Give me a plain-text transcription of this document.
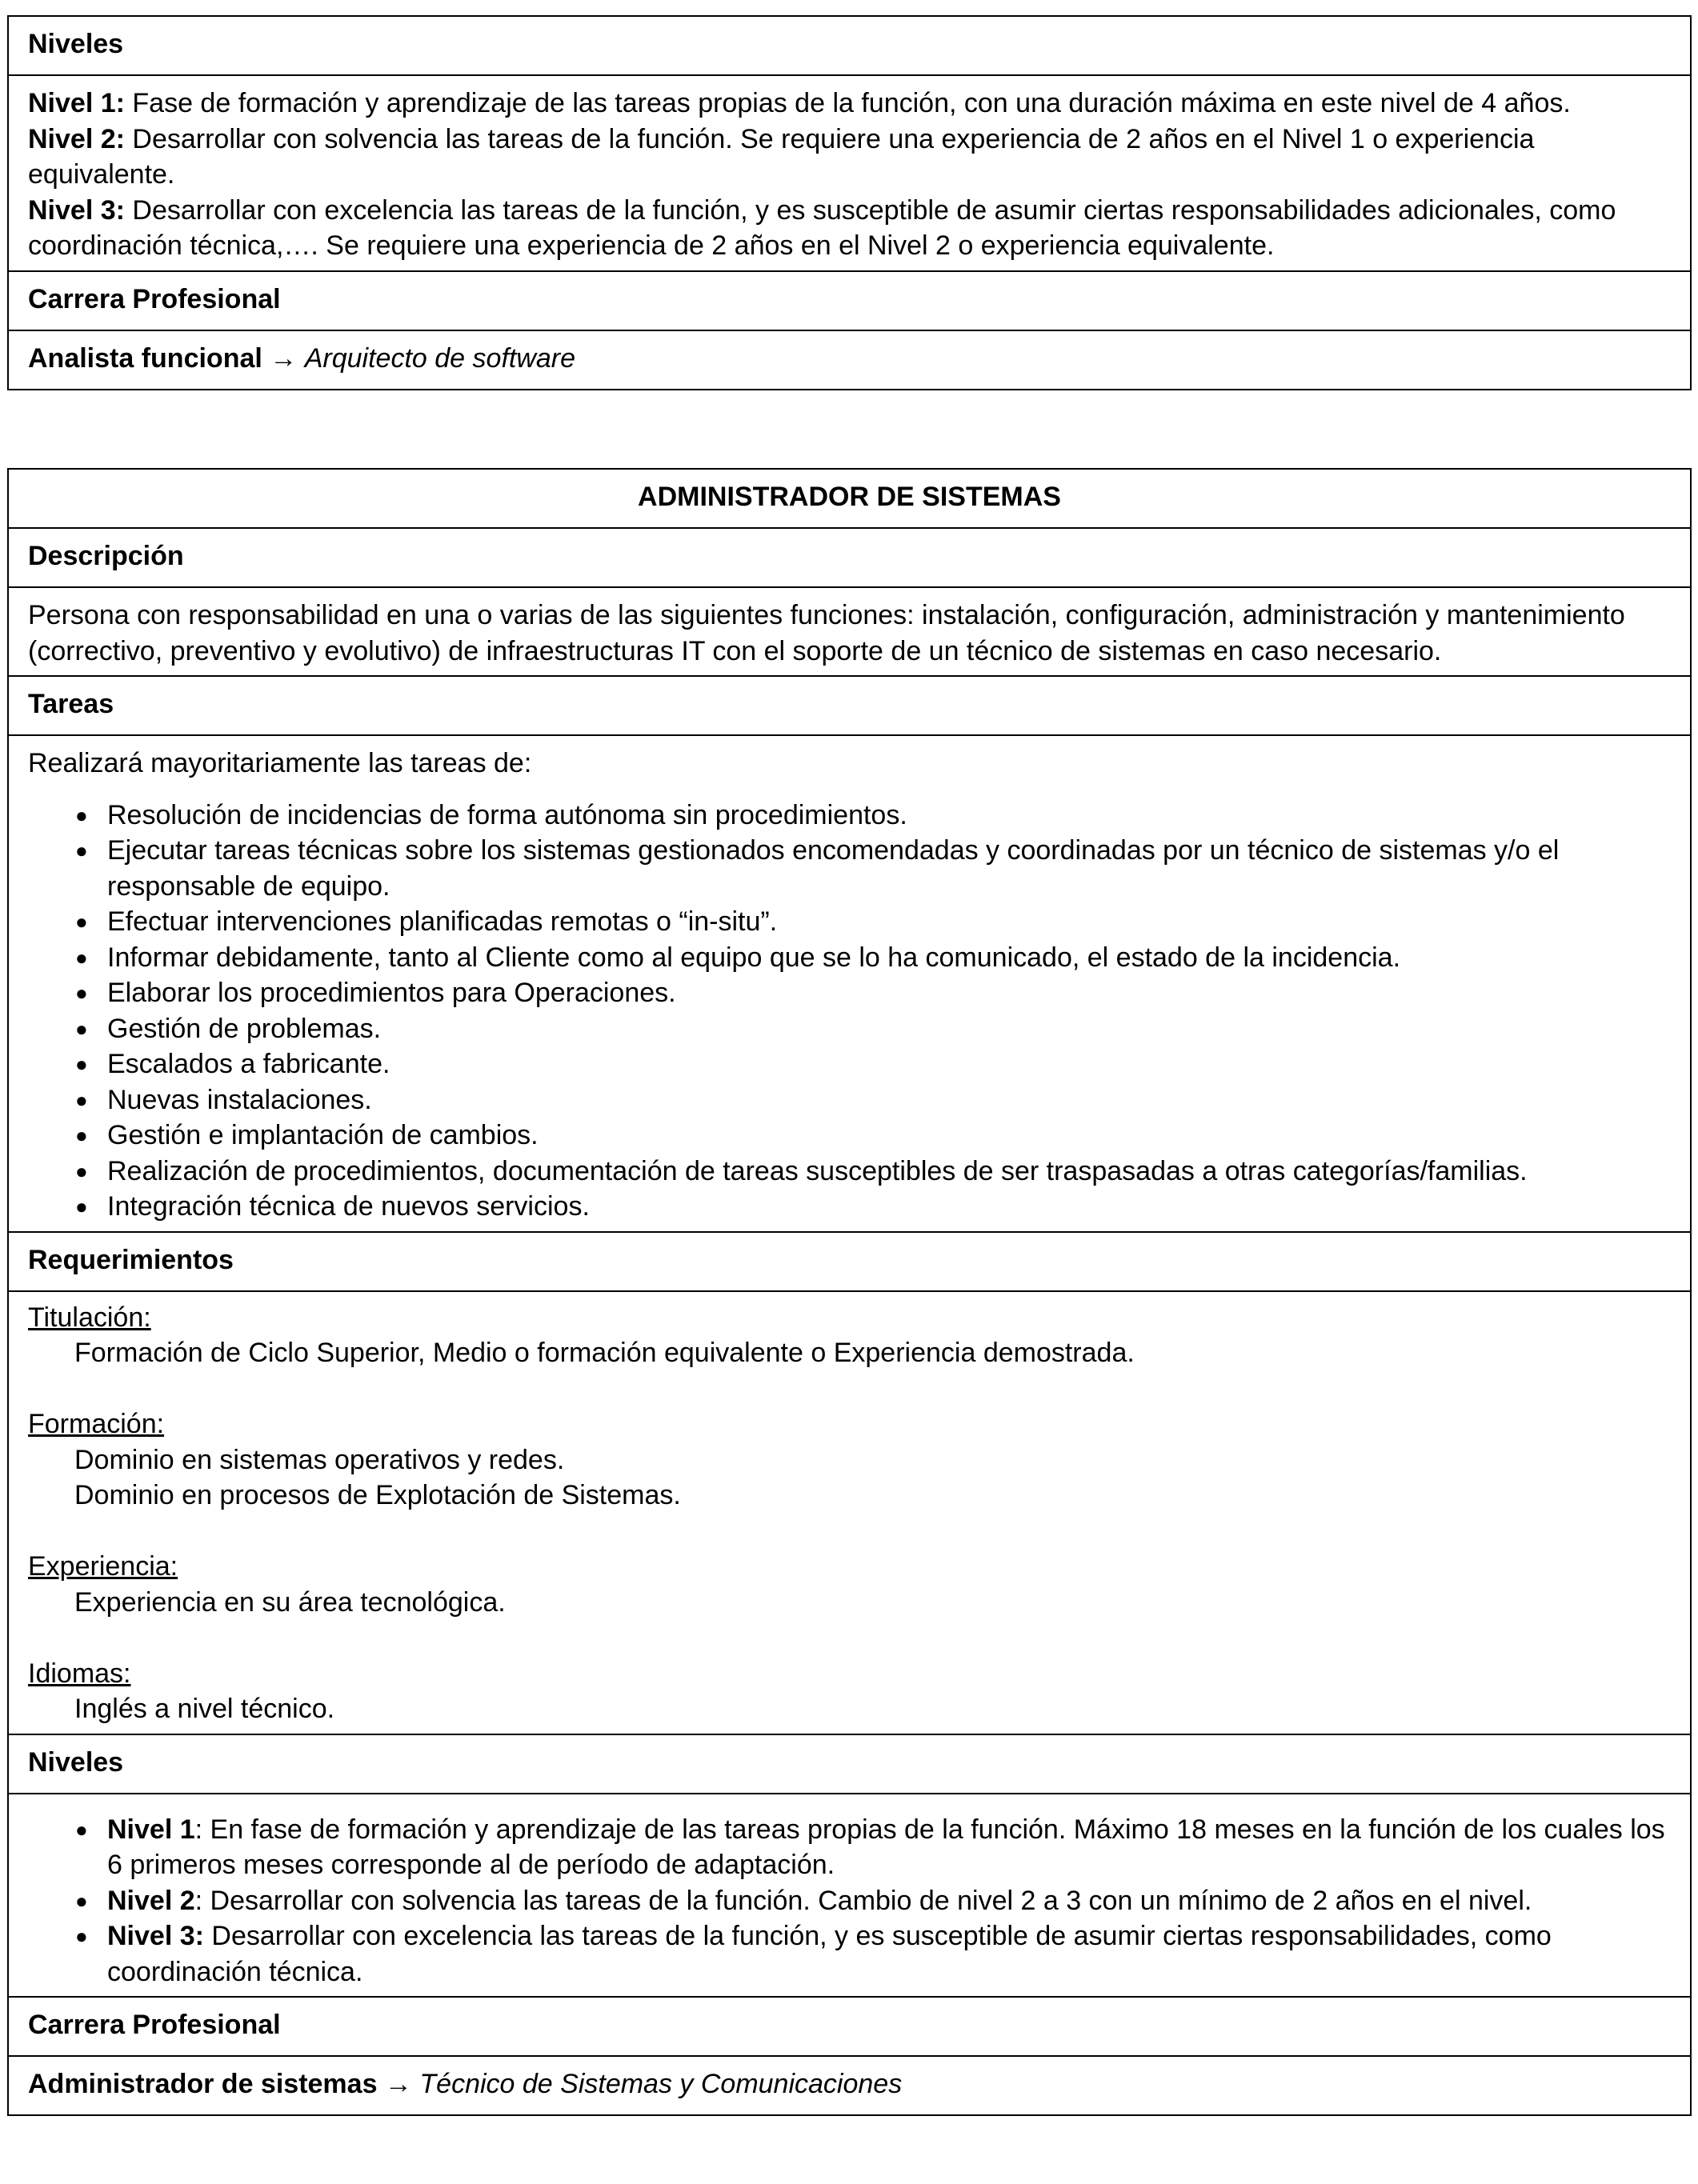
Niveles

Nivel 1: Fase de formación y aprendizaje de las tareas propias de la función, con una duración máxima en este nivel de 4 años.

Nivel 2: Desarrollar con solvencia las tareas de la función. Se requiere una experiencia de 2 años en el Nivel 1 o experiencia equivalente.

Nivel 3: Desarrollar con excelencia las tareas de la función, y es susceptible de asumir ciertas responsabilidades adicionales, como coordinación técnica,…. Se requiere una experiencia de 2 años en el Nivel 2 o experiencia equivalente.

Carrera Profesional
Analista funcional → Arquitecto de software
ADMINISTRADOR DE SISTEMAS
Descripción

Persona con responsabilidad en una o varias de las siguientes funciones: instalación, configuración, administración y mantenimiento (correctivo, preventivo y evolutivo) de infraestructuras IT con el soporte de un técnico de sistemas en caso necesario.

Tareas

Realizará mayoritariamente las tareas de:

● Resolución de incidencias de forma autónoma sin procedimientos.
● Ejecutar tareas técnicas sobre los sistemas gestionados encomendadas y coordinadas por un técnico de sistemas y/o el responsable de equipo.
● Efectuar intervenciones planificadas remotas o “in-situ”.
● Informar debidamente, tanto al Cliente como al equipo que se lo ha comunicado, el estado de la incidencia.
● Elaborar los procedimientos para Operaciones.
● Gestión de problemas.
● Escalados a fabricante.
● Nuevas instalaciones.
● Gestión e implantación de cambios.
● Realización de procedimientos, documentación de tareas susceptibles de ser traspasadas a otras categorías/familias.
● Integración técnica de nuevos servicios.

Requerimientos

Titulación:

Formación de Ciclo Superior, Medio o formación equivalente o Experiencia demostrada.

Formación:

Dominio en sistemas operativos y redes.

Dominio en procesos de Explotación de Sistemas.

Experiencia:

Experiencia en su área tecnológica.

Idiomas:

Inglés a nivel técnico.

Niveles

● Nivel 1: En fase de formación y aprendizaje de las tareas propias de la función. Máximo 18 meses en la función de los cuales los 6 primeros meses corresponde al de período de adaptación.
● Nivel 2: Desarrollar con solvencia las tareas de la función. Cambio de nivel 2 a 3 con un mínimo de 2 años en el nivel.
● Nivel 3: Desarrollar con excelencia las tareas de la función, y es susceptible de asumir ciertas responsabilidades, como coordinación técnica.

Carrera Profesional
Administrador de sistemas → Técnico de Sistemas y Comunicaciones
